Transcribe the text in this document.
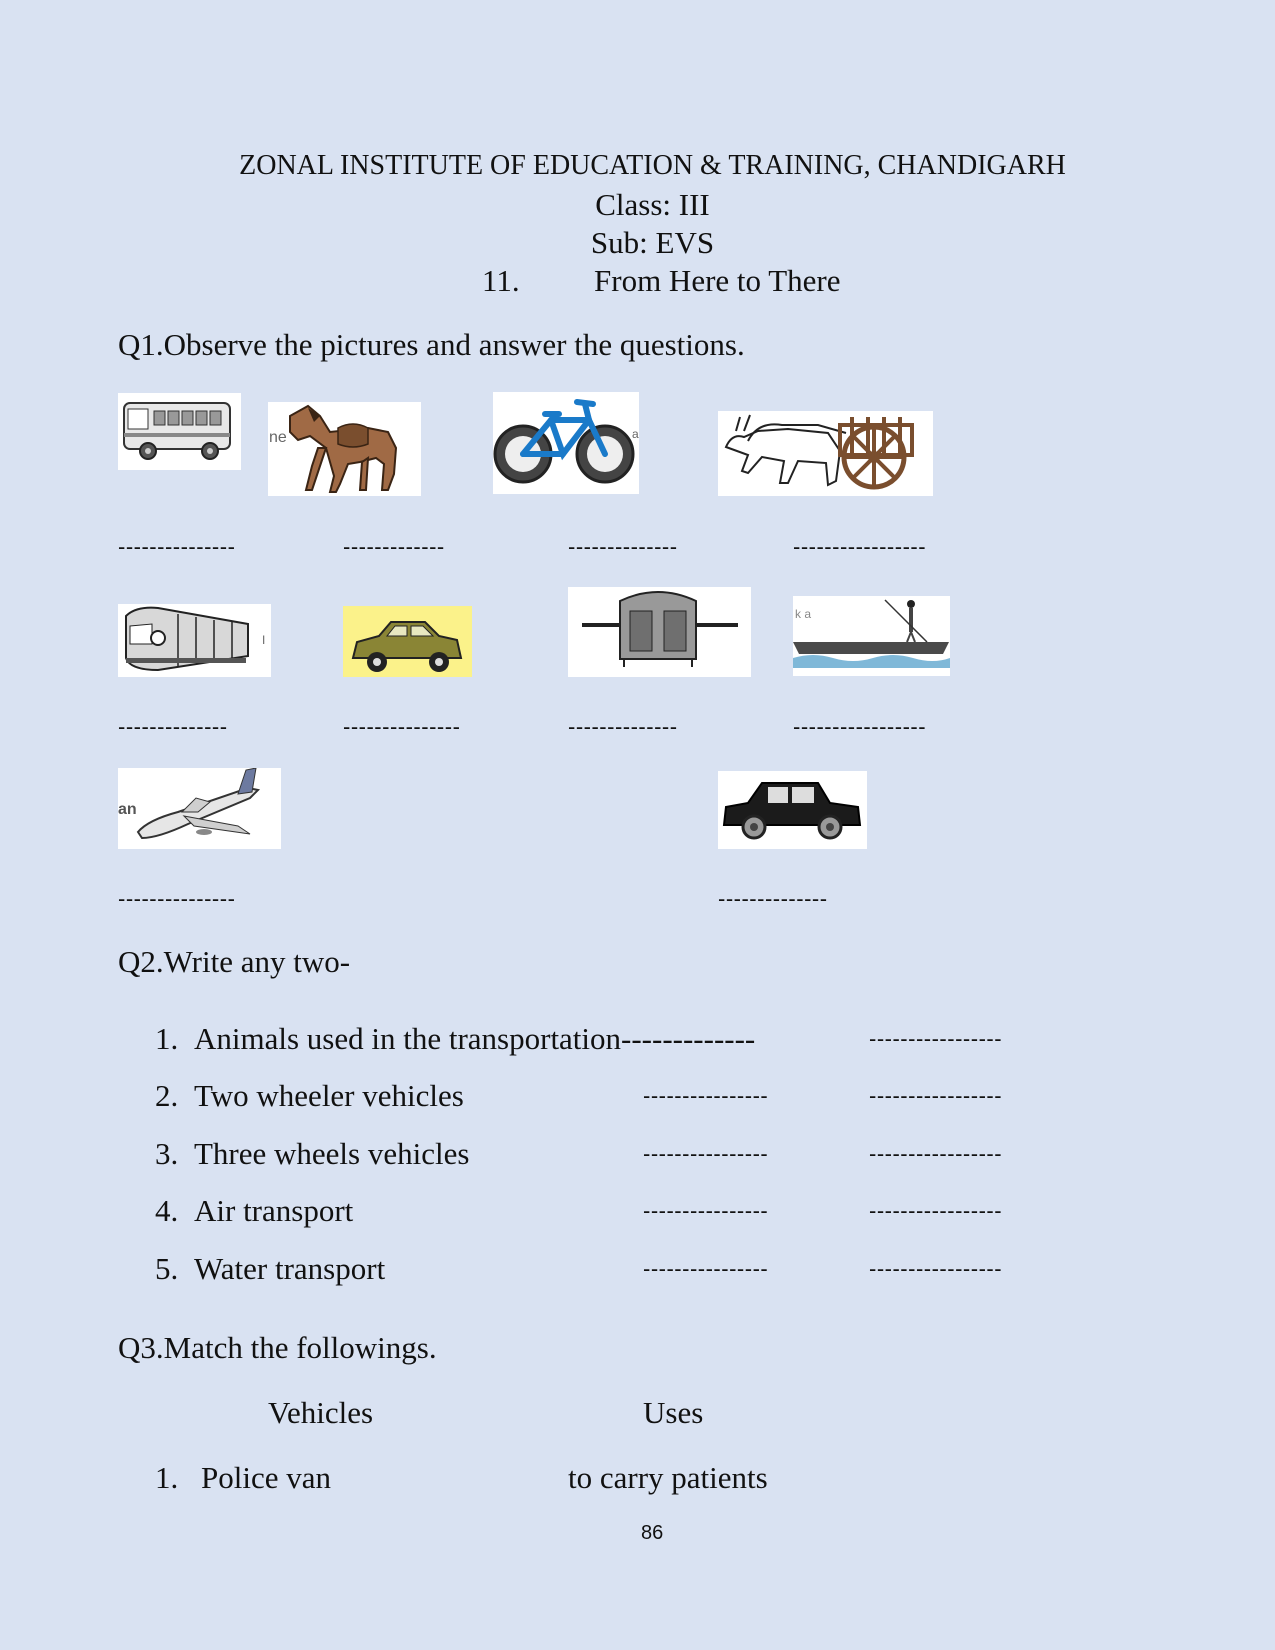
ZONAL INSTITUTE OF EDUCATION & TRAINING, CHANDIGARH
Class: III
Sub: EVS
11. From Here to There
Q1.Observe the pictures and answer the questions.
ne	a
---------------	-------------	--------------	-----------------
I
k a
--------------	---------------	--------------	-----------------
an
---------------	--------------
Q2.Write any two-
1. Animals used in the transportation-------------	-----------------
2. Two wheeler vehicles	----------------	-----------------
3. Three wheels vehicles	----------------	-----------------
4. Air transport	----------------	-----------------
5. Water transport	----------------	-----------------
Q3.Match the followings.
Vehicles	Uses
1. Police van	to carry patients
86
